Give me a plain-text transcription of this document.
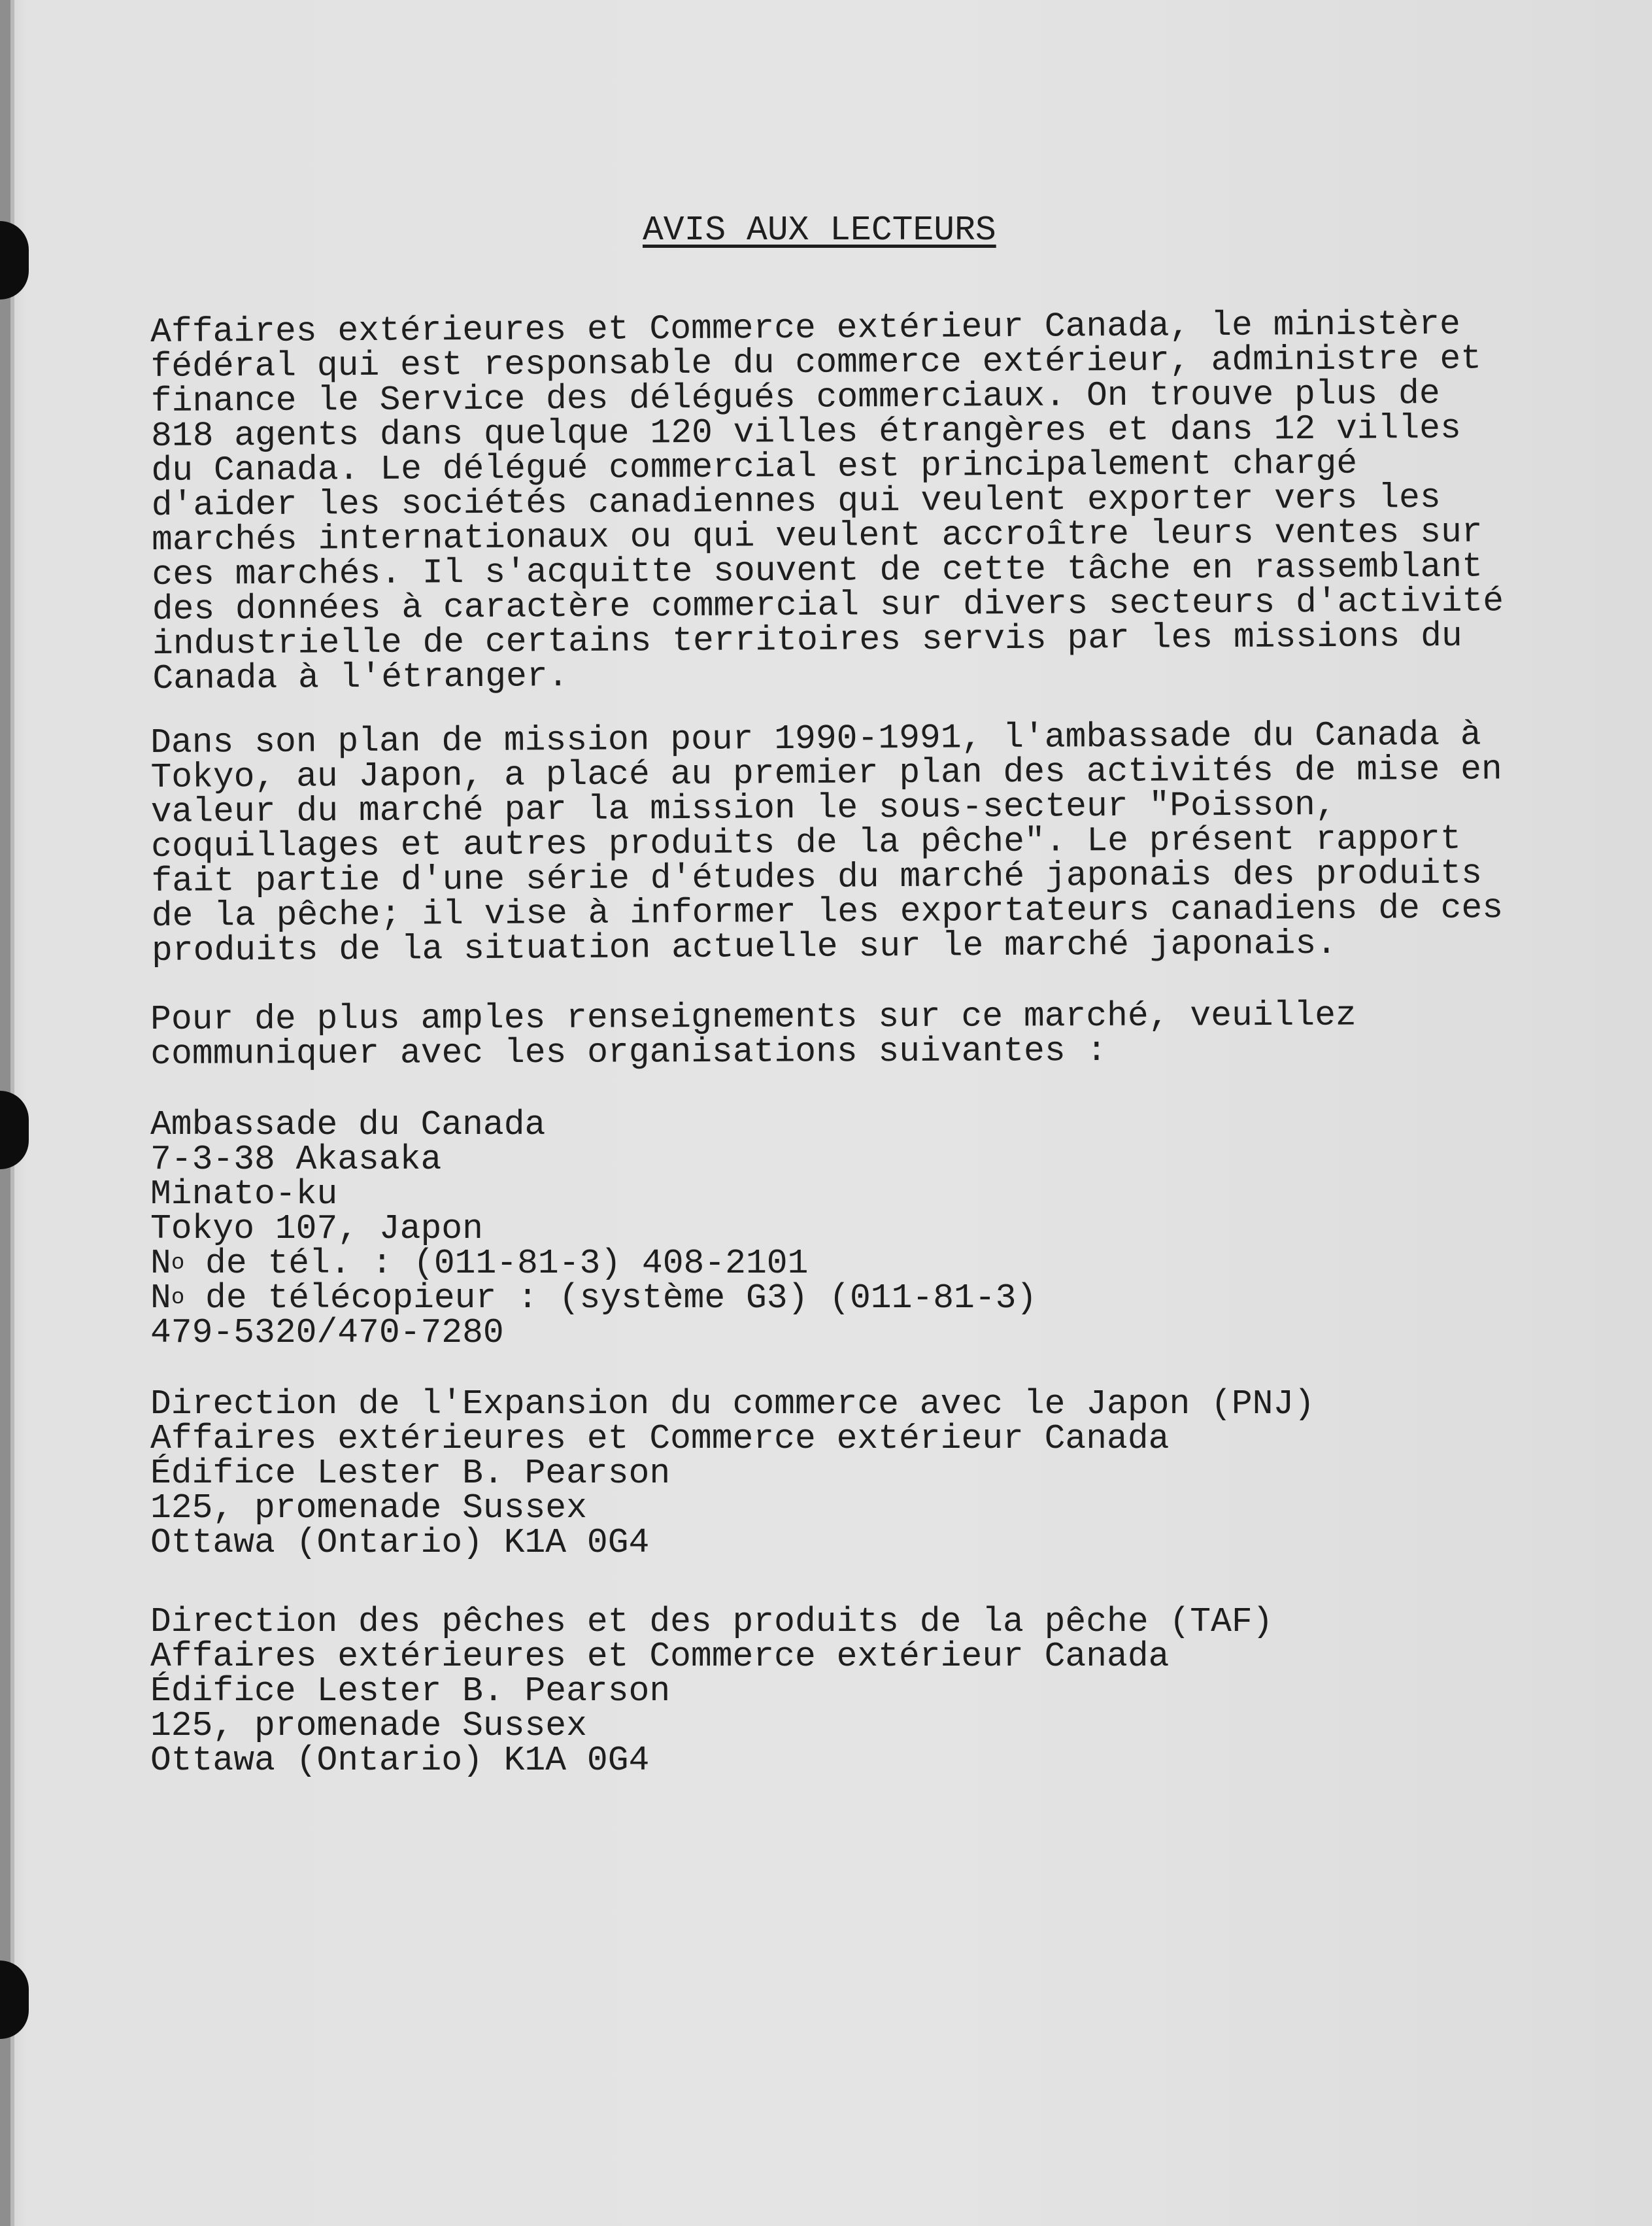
AVIS AUX LECTEURS

Affaires extérieures et Commerce extérieur Canada, le ministère

fédéral qui est responsable du commerce extérieur, administre et

finance le Service des délégués commerciaux. On trouve plus de

818 agents dans quelque 120 villes étrangères et dans 12 villes

du Canada. Le délégué commercial est principalement chargé

d'aider les sociétés canadiennes qui veulent exporter vers les

marchés internationaux ou qui veulent accroître leurs ventes sur

ces marchés. Il s'acquitte souvent de cette tâche en rassemblant

des données à caractère commercial sur divers secteurs d'activité

industrielle de certains territoires servis par les missions du

Canada à l'étranger.

Dans son plan de mission pour 1990-1991, l'ambassade du Canada à

Tokyo, au Japon, a placé au premier plan des activités de mise en

valeur du marché par la mission le sous-secteur "Poisson,

coquillages et autres produits de la pêche". Le présent rapport

fait partie d'une série d'études du marché japonais des produits

de la pêche; il vise à informer les exportateurs canadiens de ces

produits de la situation actuelle sur le marché japonais.

Pour de plus amples renseignements sur ce marché, veuillez

communiquer avec les organisations suivantes :

Ambassade du Canada

7-3-38 Akasaka

Minato-ku

Tokyo 107, Japon

$N^o$ de tél. : (011-81-3) 408-2101

$N^o$ de télécopieur : (système G3) (011-81-3)

479-5320/470-7280

Direction de l'Expansion du commerce avec le Japon (PNJ)

Affaires extérieures et Commerce extérieur Canada

Édifice Lester B. Pearson

125, promenade Sussex

Ottawa (Ontario) K1A 0G4

Direction des pêches et des produits de la pêche (TAF)

Affaires extérieures et Commerce extérieur Canada

Édifice Lester B. Pearson

125, promenade Sussex

Ottawa (Ontario) K1A 0G4
